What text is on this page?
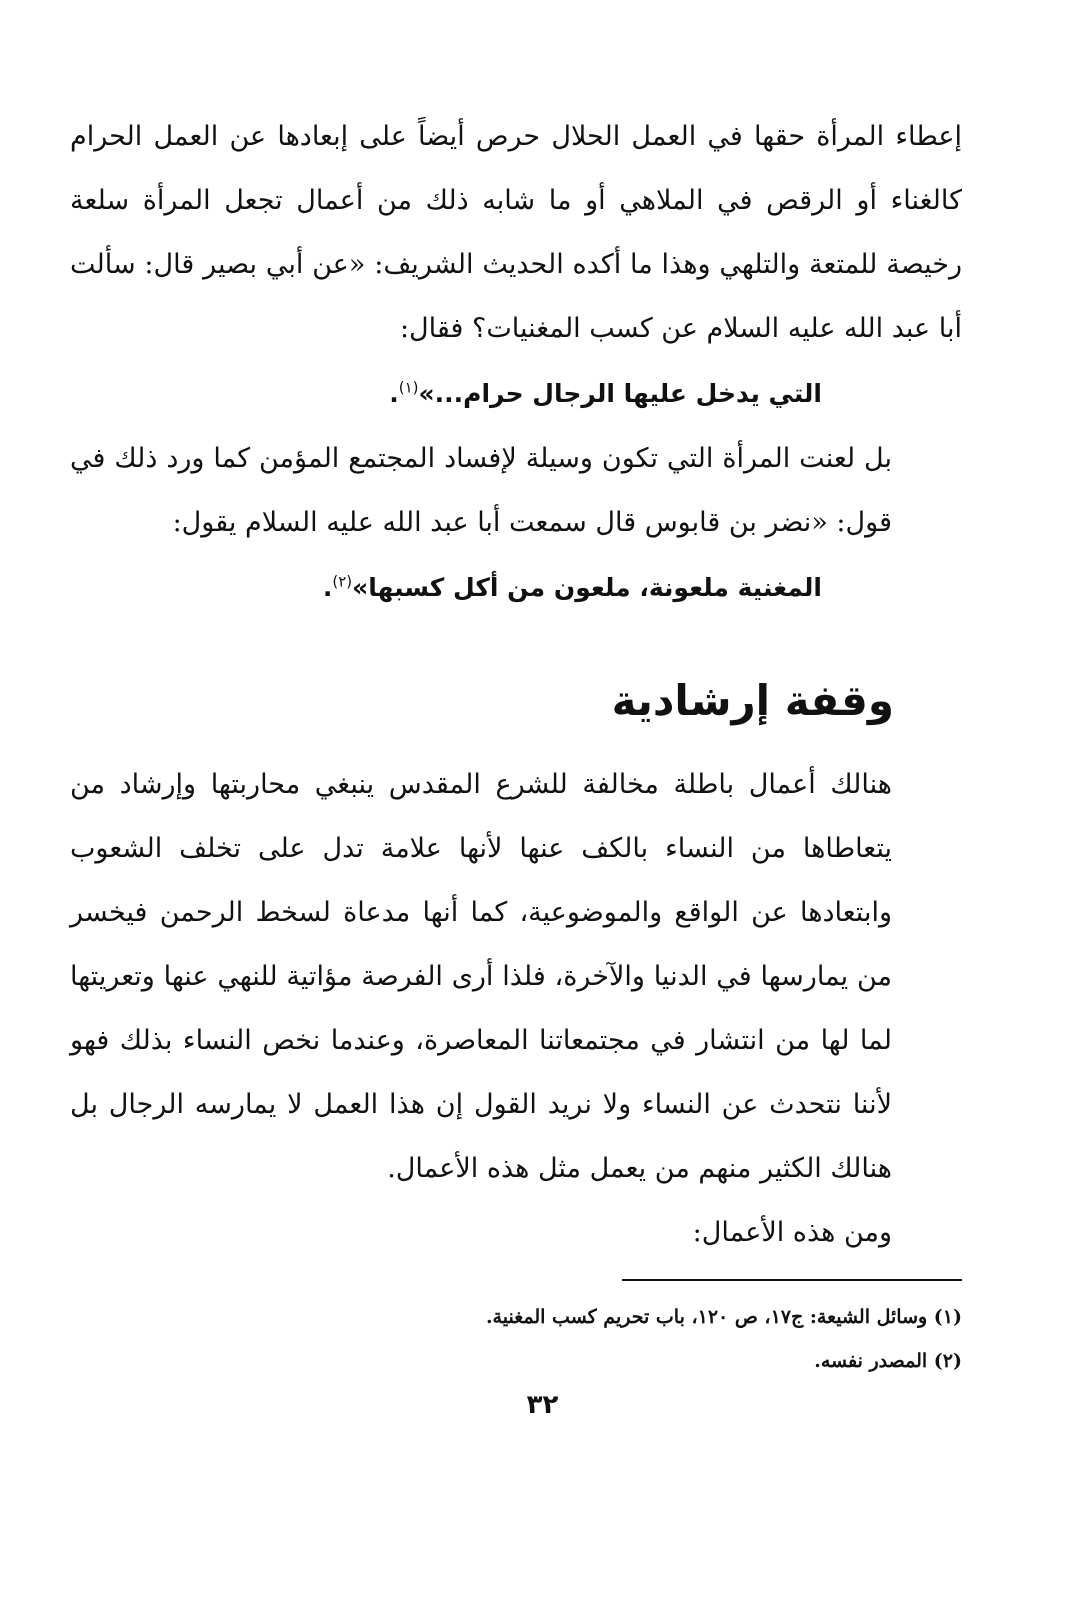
إعطاء المرأة حقها في العمل الحلال حرص أيضاً على إبعادها عن العمل الحرام كالغناء أو الرقص في الملاهي أو ما شابه ذلك من أعمال تجعل المرأة سلعة رخيصة للمتعة والتلهي وهذا ما أكده الحديث الشريف: «عن أبي بصير قال: سألت أبا عبد الله عليه السلام عن كسب المغنيات؟ فقال:

التي يدخل عليها الرجال حرام...»$^{(١)}$.

بل لعنت المرأة التي تكون وسيلة لإفساد المجتمع المؤمن كما ورد ذلك في قول: «نضر بن قابوس قال سمعت أبا عبد الله عليه السلام يقول:

المغنية ملعونة، ملعون من أكل كسبها»$^{(٢)}$.

وقفة إرشادية

هنالك أعمال باطلة مخالفة للشرع المقدس ينبغي محاربتها وإرشاد من يتعاطاها من النساء بالكف عنها لأنها علامة تدل على تخلف الشعوب وابتعادها عن الواقع والموضوعية، كما أنها مدعاة لسخط الرحمن فيخسر من يمارسها في الدنيا والآخرة، فلذا أرى الفرصة مؤاتية للنهي عنها وتعريتها لما لها من انتشار في مجتمعاتنا المعاصرة، وعندما نخص النساء بذلك فهو لأننا نتحدث عن النساء ولا نريد القول إن هذا العمل لا يمارسه الرجال بل هنالك الكثير منهم من يعمل مثل هذه الأعمال.

ومن هذه الأعمال:

(١) وسائل الشيعة: ج١٧، ص ١٢٠، باب تحريم كسب المغنية.

(٢) المصدر نفسه.

٣٢
